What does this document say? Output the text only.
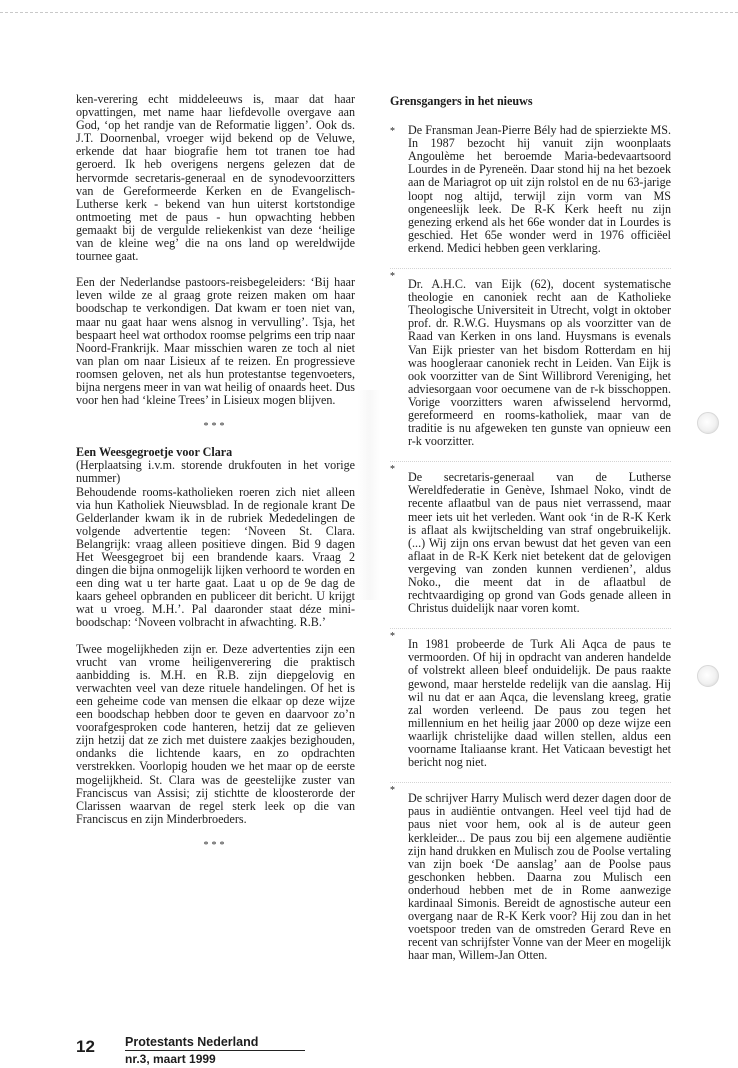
ken-verering echt middeleeuws is, maar dat haar opvattingen, met name haar liefdevolle overgave aan God, ‘op het randje van de Reformatie liggen’. Ook ds. J.T. Doornenbal, vroeger wijd bekend op de Veluwe, erkende dat haar biografie hem tot tranen toe had geroerd. Ik heb overigens nergens gelezen dat de hervormde secretaris-generaal en de synodevoorzitters van de Gereformeerde Kerken en de Evangelisch-Lutherse kerk - bekend van hun uiterst kortstondige ontmoeting met de paus - hun opwachting hebben gemaakt bij de vergulde reliekenkist van deze ‘heilige van de kleine weg’ die na ons land op wereldwijde tournee gaat.

Een der Nederlandse pastoors-reisbegeleiders: ‘Bij haar leven wilde ze al graag grote reizen maken om haar boodschap te verkondigen. Dat kwam er toen niet van, maar nu gaat haar wens alsnog in vervulling’. Tsja, het bespaart heel wat orthodox roomse pelgrims een trip naar Noord-Frankrijk. Maar misschien waren ze toch al niet van plan om naar Lisieux af te reizen. En progressieve roomsen geloven, net als hun protestantse tegenvoeters, bijna nergens meer in van wat heilig of onaards heet. Dus voor hen had ‘kleine Trees’ in Lisieux mogen blijven.

***
Een Weesgegroetje voor Clara

(Herplaatsing i.v.m. storende drukfouten in het vorige nummer)

Behoudende rooms-katholieken roeren zich niet alleen via hun Katholiek Nieuwsblad. In de regionale krant De Gelderlander kwam ik in de rubriek Mededelingen de volgende advertentie tegen: ‘Noveen St. Clara. Belangrijk: vraag alleen positieve dingen. Bid 9 dagen Het Weesgegroet bij een brandende kaars. Vraag 2 dingen die bijna onmogelijk lijken verhoord te worden en een ding wat u ter harte gaat. Laat u op de 9e dag de kaars geheel opbranden en publiceer dit bericht. U krijgt wat u vroeg. M.H.’. Pal daaronder staat déze mini-boodschap: ‘Noveen volbracht in afwachting. R.B.’

Twee mogelijkheden zijn er. Deze advertenties zijn een vrucht van vrome heiligenverering die praktisch aanbidding is. M.H. en R.B. zijn diepgelovig en verwachten veel van deze rituele handelingen. Of het is een geheime code van mensen die elkaar op deze wijze een boodschap hebben door te geven en daarvoor zo’n voorafgesproken code hanteren, hetzij dat ze gelieven zijn hetzij dat ze zich met duistere zaakjes bezighouden, ondanks die lichtende kaars, en zo opdrachten verstrekken. Voorlopig houden we het maar op de eerste mogelijkheid. St. Clara was de geestelijke zuster van Franciscus van Assisi; zij stichtte de kloosterorde der Clarissen waarvan de regel sterk leek op die van Franciscus en zijn Minderbroeders.

***
Grensgangers in het nieuws
* De Fransman Jean-Pierre Bély had de spierziekte MS. In 1987 bezocht hij vanuit zijn woonplaats Angoulème het beroemde Maria-bedevaartsoord Lourdes in de Pyreneën. Daar stond hij na het bezoek aan de Mariagrot op uit zijn rolstol en de nu 63-jarige loopt nog altijd, terwijl zijn vorm van MS ongeneeslijk leek. De R-K Kerk heeft nu zijn genezing erkend als het 66e wonder dat in Lourdes is geschied. Het 65e wonder werd in 1976 officiëel erkend. Medici hebben geen verklaring.
*
Dr. A.H.C. van Eijk (62), docent systematische theologie en canoniek recht aan de Katholieke Theologische Universiteit in Utrecht, volgt in oktober prof. dr. R.W.G. Huysmans op als voorzitter van de Raad van Kerken in ons land. Huysmans is evenals Van Eijk priester van het bisdom Rotterdam en hij was hoogleraar canoniek recht in Leiden. Van Eijk is ook voorzitter van de Sint Willibrord Vereniging, het adviesorgaan voor oecumene van de r-k bisschoppen. Vorige voorzitters waren afwisselend hervormd, gereformeerd en rooms-katholiek, maar van de traditie is nu afgeweken ten gunste van opnieuw een r-k voorzitter.
*
De secretaris-generaal van de Lutherse Wereldfederatie in Genève, Ishmael Noko, vindt de recente aflaatbul van de paus niet verrassend, maar meer iets uit het verleden. Want ook ‘in de R-K Kerk is aflaat als kwijtschelding van straf ongebruikelijk. (...) Wij zijn ons ervan bewust dat het geven van een aflaat in de R-K Kerk niet betekent dat de gelovigen vergeving van zonden kunnen verdienen’, aldus Noko., die meent dat in de aflaatbul de rechtvaardiging op grond van Gods genade alleen in Christus duidelijk naar voren komt.
*
In 1981 probeerde de Turk Ali Aqca de paus te vermoorden. Of hij in opdracht van anderen handelde of volstrekt alleen bleef onduidelijk. De paus raakte gewond, maar herstelde redelijk van die aanslag. Hij wil nu dat er aan Aqca, die levenslang kreeg, gratie zal worden verleend. De paus zou tegen het millennium en het heilig jaar 2000 op deze wijze een waarlijk christelijke daad willen stellen, aldus een voorname Italiaanse krant. Het Vaticaan bevestigt het bericht nog niet.
*
De schrijver Harry Mulisch werd dezer dagen door de paus in audiëntie ontvangen. Heel veel tijd had de paus niet voor hem, ook al is de auteur geen kerkleider... De paus zou bij een algemene audiëntie zijn hand drukken en Mulisch zou de Poolse vertaling van zijn boek ‘De aanslag’ aan de Poolse paus geschonken hebben. Daarna zou Mulisch een onderhoud hebben met de in Rome aanwezige kardinaal Simonis. Bereidt de agnostische auteur een overgang naar de R-K Kerk voor? Hij zou dan in het voetspoor treden van de omstreden Gerard Reve en recent van schrijfster Vonne van der Meer en mogelijk haar man, Willem-Jan Otten.
12 Protestants Nederland
nr.3, maart 1999
